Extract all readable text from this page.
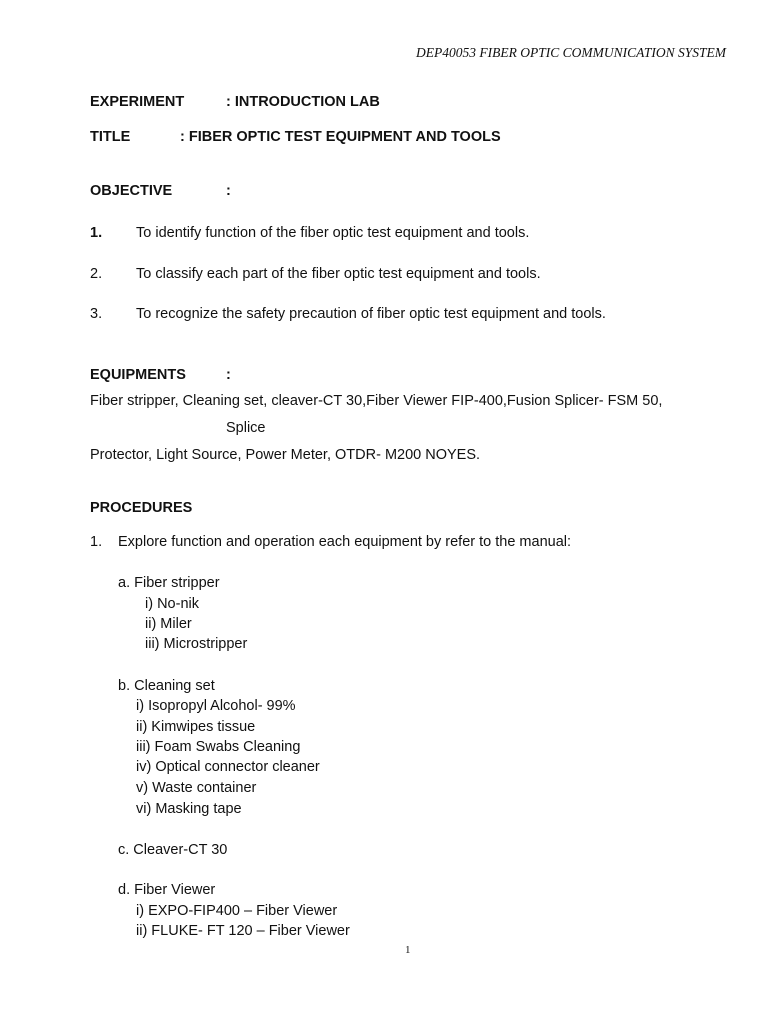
DEP40053 FIBER OPTIC COMMUNICATION SYSTEM
EXPERIMENT	: INTRODUCTION LAB
TITLE	: FIBER OPTIC TEST EQUIPMENT AND TOOLS
OBJECTIVE	:
1. To identify function of the fiber optic test equipment and tools.
2. To classify each part of the fiber optic test equipment and tools.
3. To recognize the safety precaution of fiber optic test equipment and tools.
EQUIPMENTS	:
Fiber stripper, Cleaning set, cleaver-CT 30,Fiber Viewer FIP-400,Fusion Splicer- FSM 50,
Splice
Protector, Light Source, Power Meter, OTDR- M200 NOYES.
PROCEDURES
1. Explore function and operation each equipment by refer to the manual:
a. Fiber stripper
i) No-nik
ii) Miler
iii) Microstripper
b. Cleaning set
i) Isopropyl Alcohol- 99%
ii) Kimwipes tissue
iii) Foam Swabs Cleaning
iv) Optical connector cleaner
v) Waste container
vi) Masking tape
c. Cleaver-CT 30
d. Fiber Viewer
i) EXPO-FIP400 – Fiber Viewer
ii) FLUKE- FT 120 – Fiber Viewer
1
